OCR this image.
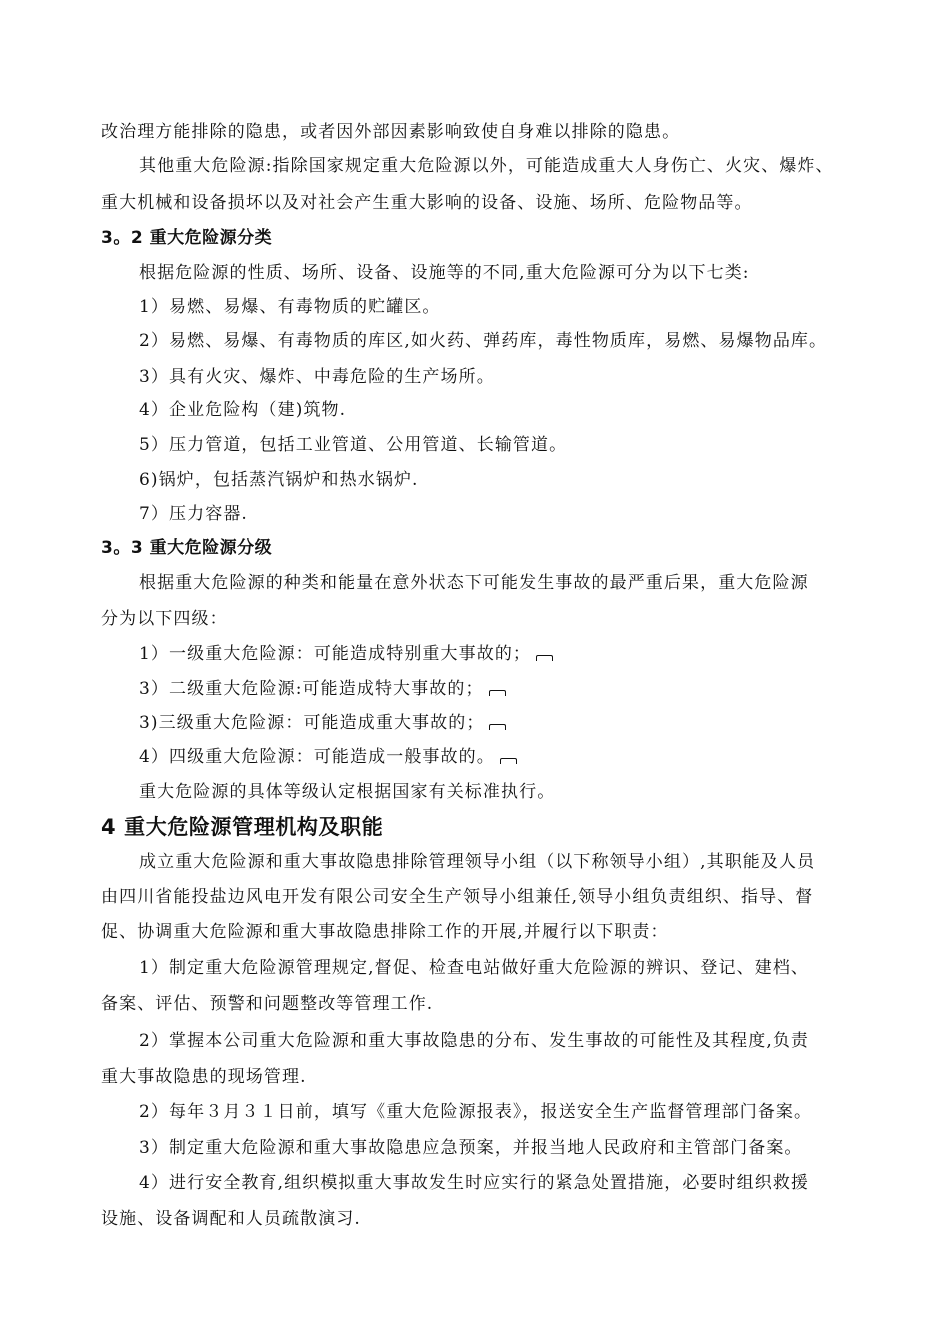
改治理方能排除的隐患，或者因外部因素影响致使自身难以排除的隐患。
其他重大危险源:指除国家规定重大危险源以外，可能造成重大人身伤亡、火灾、爆炸、
重大机械和设备损坏以及对社会产生重大影响的设备、设施、场所、危险物品等。
3。2 重大危险源分类
根据危险源的性质、场所、设备、设施等的不同,重大危险源可分为以下七类:
1）易燃、易爆、有毒物质的贮罐区。
2）易燃、易爆、有毒物质的库区,如火药、弹药库，毒性物质库，易燃、易爆物品库。
3）具有火灾、爆炸、中毒危险的生产场所。
4）企业危险构（建)筑物.
5）压力管道，包括工业管道、公用管道、长输管道。
6)锅炉，包括蒸汽锅炉和热水锅炉.
7）压力容器.
3。3 重大危险源分级
根据重大危险源的种类和能量在意外状态下可能发生事故的最严重后果，重大危险源
分为以下四级：
1）一级重大危险源：可能造成特别重大事故的；
3）二级重大危险源:可能造成特大事故的；
3)三级重大危险源：可能造成重大事故的；
4）四级重大危险源：可能造成一般事故的。
重大危险源的具体等级认定根据国家有关标准执行。
4 重大危险源管理机构及职能
成立重大危险源和重大事故隐患排除管理领导小组（以下称领导小组）,其职能及人员
由四川省能投盐边风电开发有限公司安全生产领导小组兼任,领导小组负责组织、指导、督
促、协调重大危险源和重大事故隐患排除工作的开展,并履行以下职责：
1）制定重大危险源管理规定,督促、检查电站做好重大危险源的辨识、登记、建档、
备案、评估、预警和问题整改等管理工作.
2）掌握本公司重大危险源和重大事故隐患的分布、发生事故的可能性及其程度,负责
重大事故隐患的现场管理.
2）每年３月３１日前，填写《重大危险源报表》，报送安全生产监督管理部门备案。
3）制定重大危险源和重大事故隐患应急预案，并报当地人民政府和主管部门备案。
4）进行安全教育,组织模拟重大事故发生时应实行的紧急处置措施，必要时组织救援
设施、设备调配和人员疏散演习.
